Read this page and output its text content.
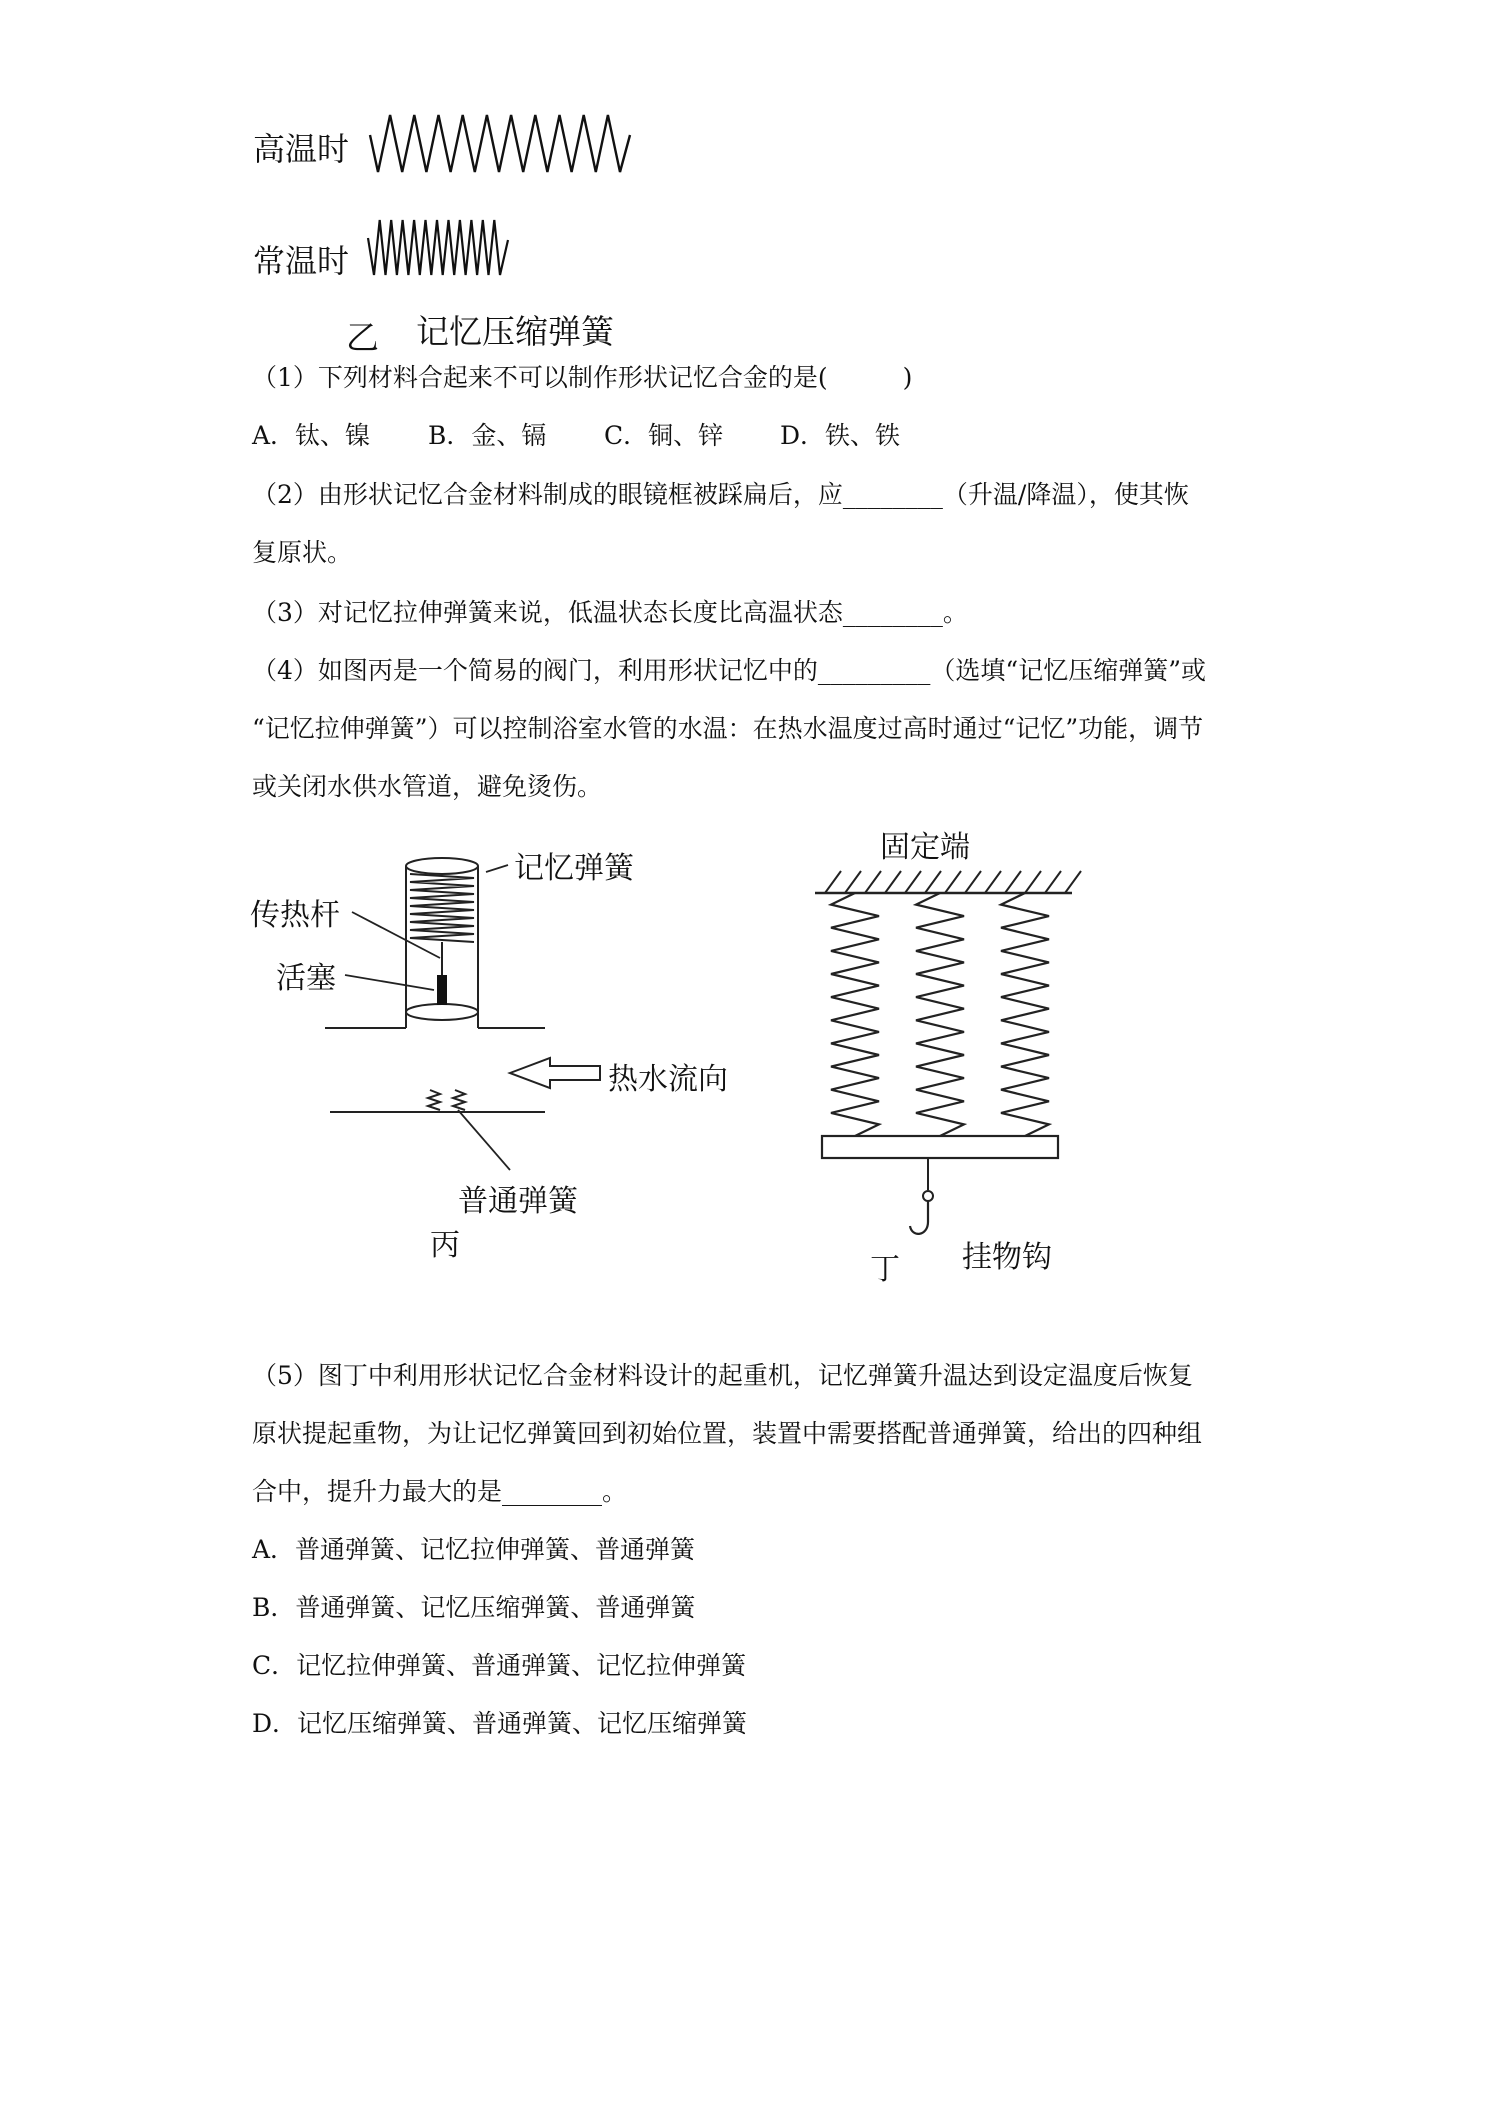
高温时
常温时
乙 记忆压缩弹簧
（1）下列材料合起来不可以制作形状记忆合金的是(　　　)
A．钛、镍 B．金、镉 C．铜、锌 D．铁、铁
（2）由形状记忆合金材料制成的眼镜框被踩扁后，应________（升温/降温），使其恢
复原状。
（3）对记忆拉伸弹簧来说，低温状态长度比高温状态________。
（4）如图丙是一个简易的阀门，利用形状记忆中的_________（选填“记忆压缩弹簧”或
“记忆拉伸弹簧”）可以控制浴室水管的水温：在热水温度过高时通过“记忆”功能，调节
或关闭水供水管道，避免烫伤。
记忆弹簧
传热杆
活塞
热水流向
普通弹簧
丙
固定端
挂物钩
丁
（5）图丁中利用形状记忆合金材料设计的起重机，记忆弹簧升温达到设定温度后恢复
原状提起重物，为让记忆弹簧回到初始位置，装置中需要搭配普通弹簧，给出的四种组
合中，提升力最大的是________。
A．普通弹簧、记忆拉伸弹簧、普通弹簧
B．普通弹簧、记忆压缩弹簧、普通弹簧
C．记忆拉伸弹簧、普通弹簧、记忆拉伸弹簧
D．记忆压缩弹簧、普通弹簧、记忆压缩弹簧
